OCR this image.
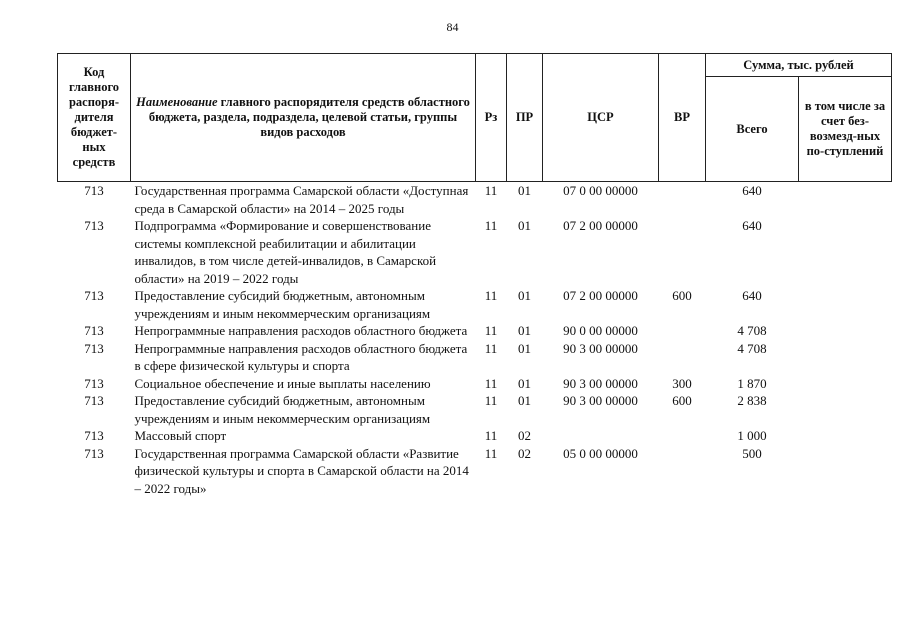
84
Код главного распоря-дителя бюджет-ных средств	Наименование главного распорядителя средств областного бюджета, раздела, подраздела, целевой статьи, группы видов расходов	Рз	ПР	ЦСР	ВР	Сумма, тыс. рублей	
						Всего	в том числе за счет без-возмезд-ных по-ступлений
713	Государственная программа Самарской области «Доступная среда в Самарской области» на 2014 – 2025 годы	11	01	07 0 00 00000		640	
713	Подпрограмма «Формирование и совершенствование системы комплексной реабилитации и абилитации инвалидов, в том числе детей-инвалидов, в Самарской области» на 2019 – 2022 годы	11	01	07 2 00 00000		640	
713	Предоставление субсидий бюджетным, автономным учреждениям и иным некоммерческим организациям	11	01	07 2 00 00000	600	640	
713	Непрограммные направления расходов областного бюджета	11	01	90 0 00 00000		4 708	
713	Непрограммные направления расходов областного бюджета в сфере физической культуры и спорта	11	01	90 3 00 00000		4 708	
713	Социальное обеспечение и иные выплаты населению	11	01	90 3 00 00000	300	1 870	
713	Предоставление субсидий бюджетным, автономным учреждениям и иным некоммерческим организациям	11	01	90 3 00 00000	600	2 838	
713	Массовый спорт	11	02			1 000	
713	Государственная программа Самарской области «Развитие физической культуры и спорта в Самарской области на 2014 – 2022 годы»	11	02	05 0 00 00000		500	
